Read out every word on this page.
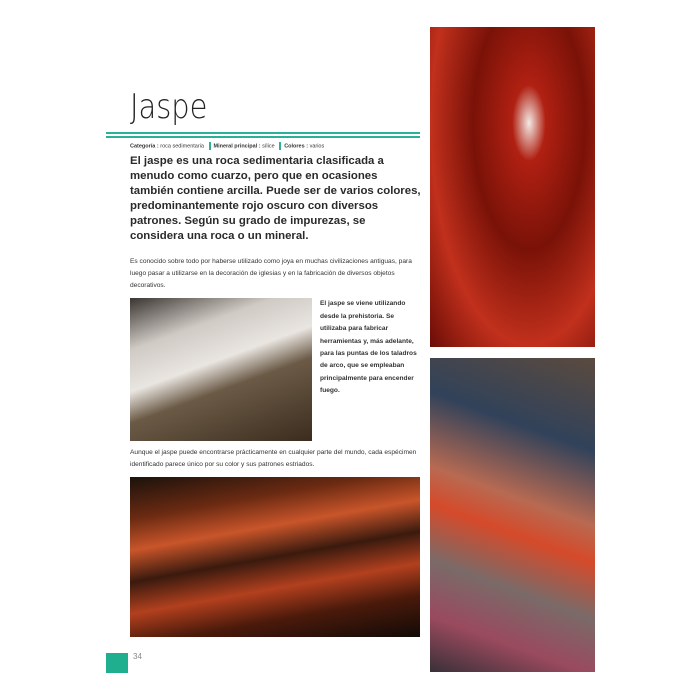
Jaspe
Categoría : roca sedimentaria Mineral principal : sílice Colores : varios
El jaspe es una roca sedimentaria clasificada a menudo como cuarzo, pero que en ocasiones también contiene arcilla. Puede ser de varios colores, predominantemente rojo oscuro con diversos patrones. Según su grado de impurezas, se considera una roca o un mineral.
Es conocido sobre todo por haberse utilizado como joya en muchas civilizaciones antiguas, para luego pasar a utilizarse en la decoración de iglesias y en la fabricación de diversos objetos decorativos.
El jaspe se viene utilizando desde la prehistoria. Se utilizaba para fabricar herramientas y, más adelante, para las puntas de los taladros de arco, que se empleaban principalmente para encender fuego.
Aunque el jaspe puede encontrarse prácticamente en cualquier parte del mundo, cada espécimen identificado parece único por su color y sus patrones estriados.
34
